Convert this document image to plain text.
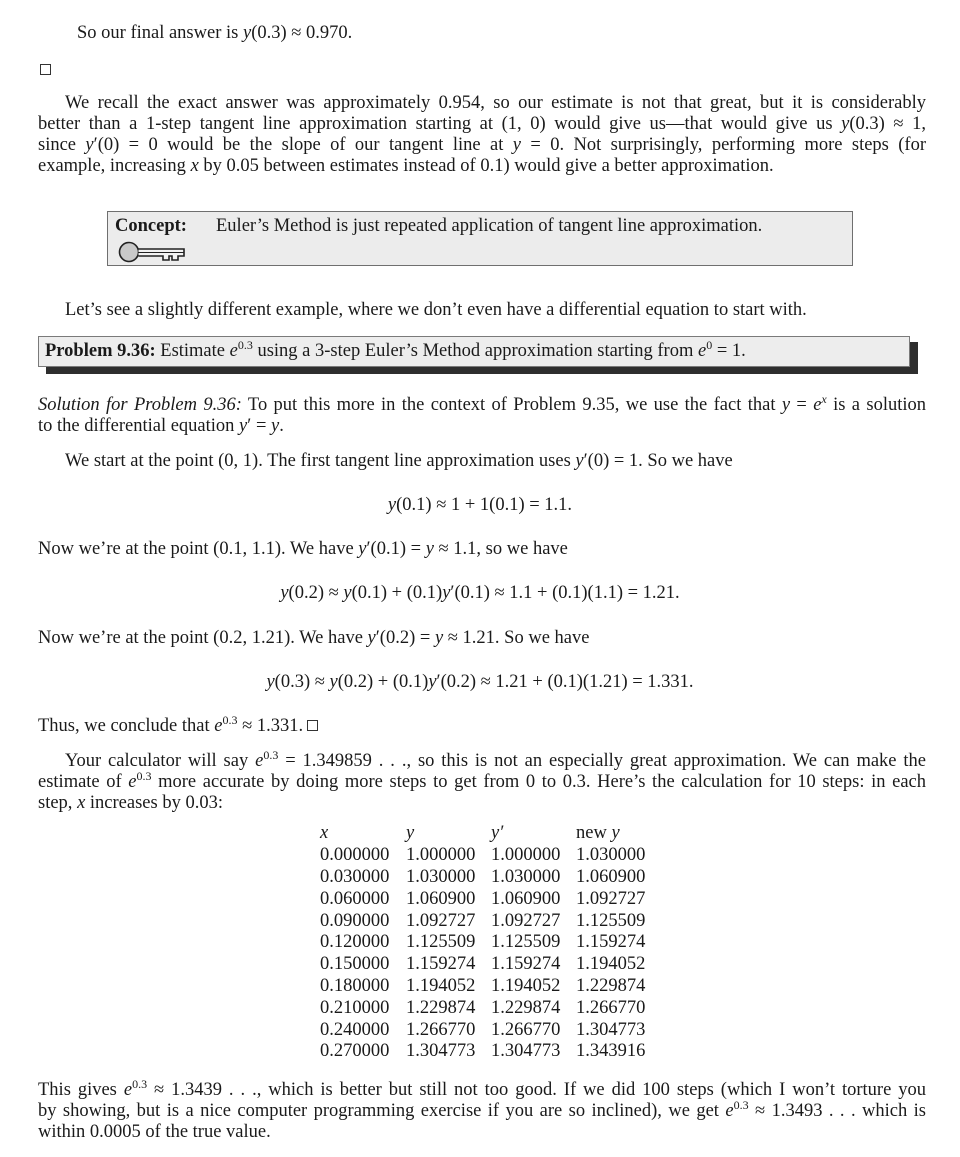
So our final answer is y(0.3) ≈ 0.970.
We recall the exact answer was approximately 0.954, so our estimate is not that great, but it is considerably
better than a 1-step tangent line approximation starting at (1, 0) would give us—that would give us y(0.3) ≈ 1,
since y′(0) = 0 would be the slope of our tangent line at y = 0. Not surprisingly, performing more steps (for
example, increasing x by 0.05 between estimates instead of 0.1) would give a better approximation.
Concept: Euler’s Method is just repeated application of tangent line approximation.
Let’s see a slightly different example, where we don’t even have a differential equation to start with.
Problem 9.36: Estimate $e^{0.3}$ using a 3-step Euler’s Method approximation starting from $e^0 = 1$.
Solution for Problem 9.36: To put this more in the context of Problem 9.35, we use the fact that $y = e^x$ is a solution
to the differential equation y′ = y.
We start at the point (0, 1). The first tangent line approximation uses y′(0) = 1. So we have
y(0.1) ≈ 1 + 1(0.1) = 1.1.
Now we’re at the point (0.1, 1.1). We have y′(0.1) = y ≈ 1.1, so we have
y(0.2) ≈ y(0.1) + (0.1)y′(0.1) ≈ 1.1 + (0.1)(1.1) = 1.21.
Now we’re at the point (0.2, 1.21). We have y′(0.2) = y ≈ 1.21. So we have
y(0.3) ≈ y(0.2) + (0.1)y′(0.2) ≈ 1.21 + (0.1)(1.21) = 1.331.
Thus, we conclude that $e^{0.3} \approx 1.331$.
Your calculator will say $e^{0.3} = 1.349859$ . . ., so this is not an especially great approximation. We can make the
estimate of $e^{0.3}$ more accurate by doing more steps to get from 0 to 0.3. Here’s the calculation for 10 steps: in each
step, x increases by 0.03:
x	y	y′	new y
0.000000	1.000000	1.000000	1.030000
0.030000	1.030000	1.030000	1.060900
0.060000	1.060900	1.060900	1.092727
0.090000	1.092727	1.092727	1.125509
0.120000	1.125509	1.125509	1.159274
0.150000	1.159274	1.159274	1.194052
0.180000	1.194052	1.194052	1.229874
0.210000	1.229874	1.229874	1.266770
0.240000	1.266770	1.266770	1.304773
0.270000	1.304773	1.304773	1.343916
This gives $e^{0.3} \approx 1.3439$ . . ., which is better but still not too good. If we did 100 steps (which I won’t torture you
by showing, but is a nice computer programming exercise if you are so inclined), we get $e^{0.3} \approx 1.3493$ . . . which is
within 0.0005 of the true value.
